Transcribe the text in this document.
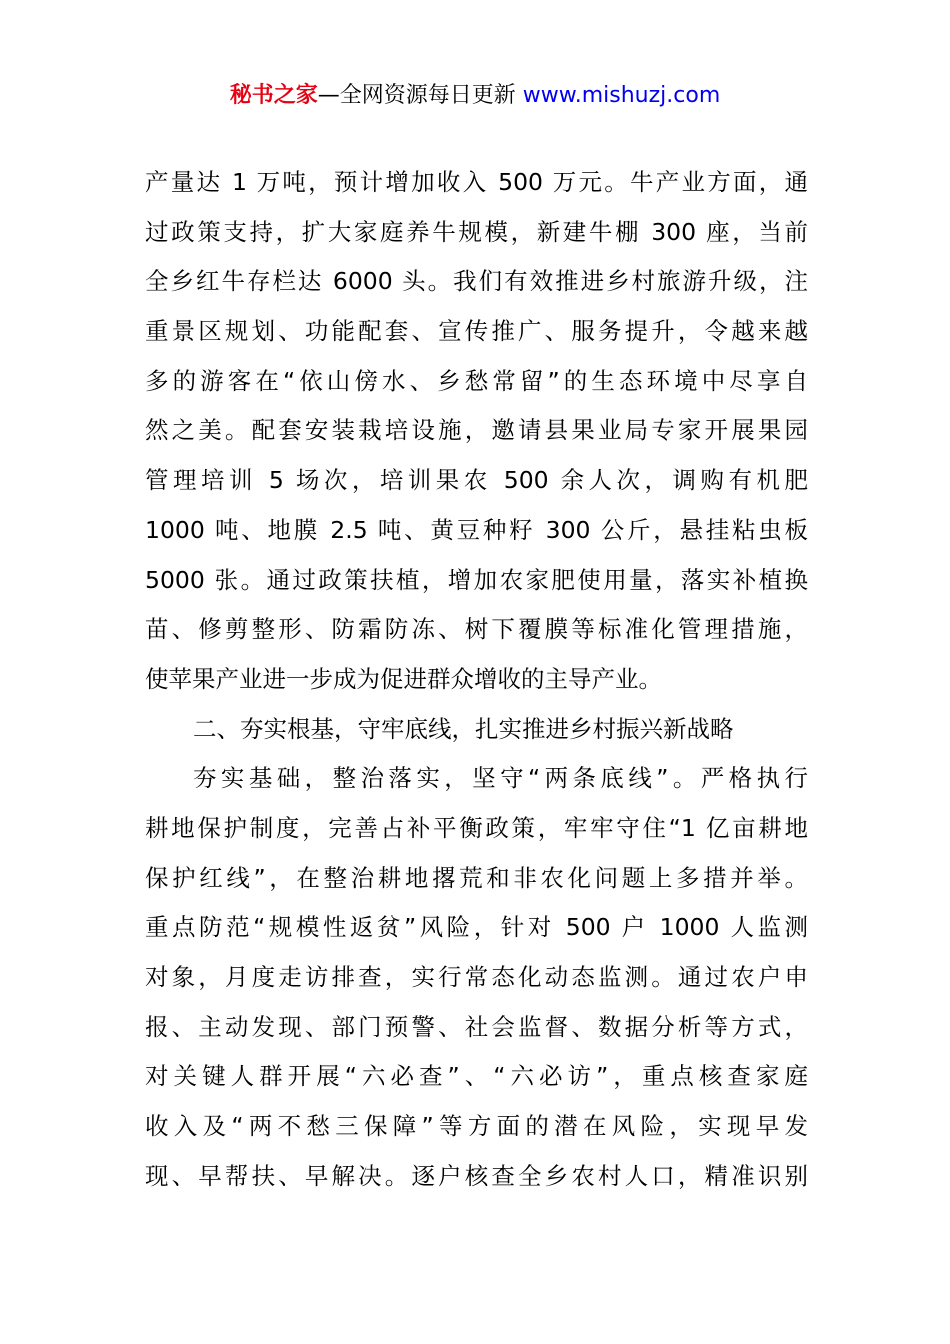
秘书之家—全网资源每日更新 www.mishuzj.com
产量达 1 万吨，预计增加收入 500 万元。牛产业方面，通
过政策支持，扩大家庭养牛规模，新建牛棚 300 座，当前
全乡红牛存栏达 6000 头。我们有效推进乡村旅游升级，注
重景区规划、功能配套、宣传推广、服务提升，令越来越
多的游客在“依山傍水、乡愁常留”的生态环境中尽享自
然之美。配套安装栽培设施，邀请县果业局专家开展果园
管理培训 5 场次，培训果农 500 余人次，调购有机肥
1000 吨、地膜 2.5 吨、黄豆种籽 300 公斤，悬挂粘虫板
5000 张。通过政策扶植，增加农家肥使用量，落实补植换
苗、修剪整形、防霜防冻、树下覆膜等标准化管理措施，
使苹果产业进一步成为促进群众增收的主导产业。
二、夯实根基，守牢底线，扎实推进乡村振兴新战略
夯实基础，整治落实，坚守“两条底线”。严格执行
耕地保护制度，完善占补平衡政策，牢牢守住“1 亿亩耕地
保护红线”，在整治耕地撂荒和非农化问题上多措并举。
重点防范“规模性返贫”风险，针对 500 户 1000 人监测
对象，月度走访排查，实行常态化动态监测。通过农户申
报、主动发现、部门预警、社会监督、数据分析等方式，
对关键人群开展“六必查”、“六必访”，重点核查家庭
收入及“两不愁三保障”等方面的潜在风险，实现早发
现、早帮扶、早解决。逐户核查全乡农村人口，精准识别
